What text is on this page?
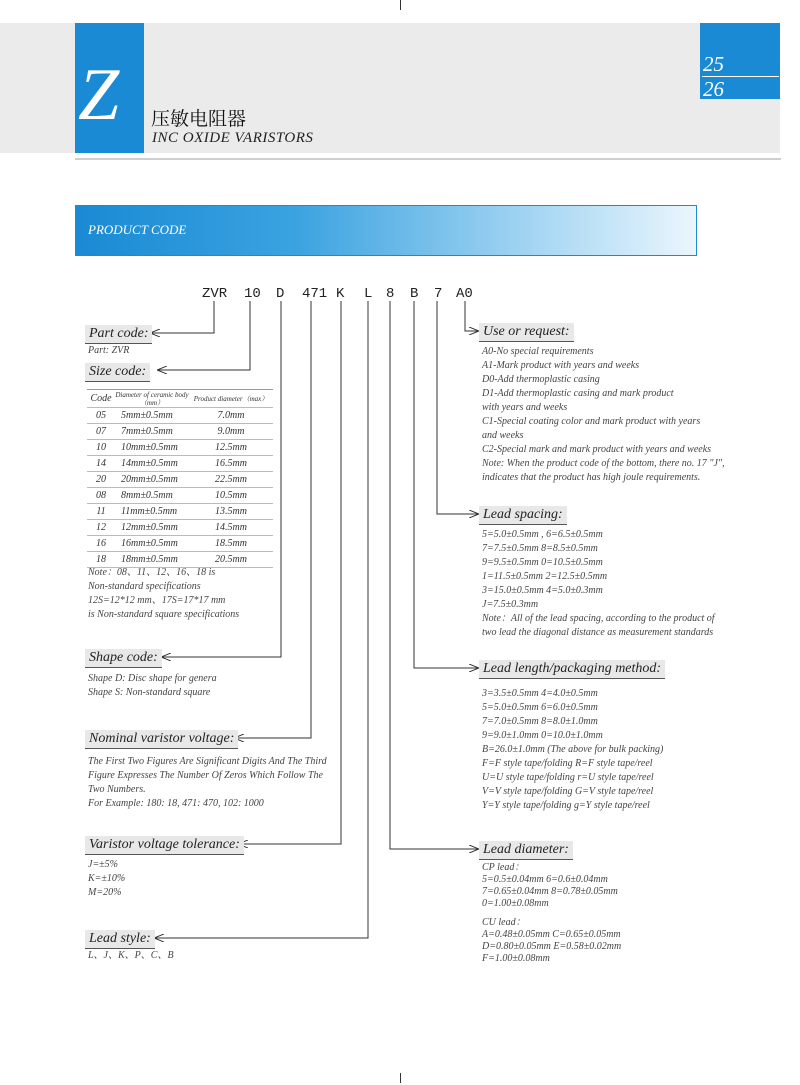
Z 压敏电阻器
INC OXIDE VARISTORS
25
26
PRODUCT CODE
ZVR 10 D 471 K L 8 B 7 A0
Part code:
Part: ZVR
Size code:
Code	Diameter of ceramic body（mm）	Product diameter（max）
05	5mm±0.5mm	7.0mm
07	7mm±0.5mm	9.0mm
10	10mm±0.5mm	12.5mm
14	14mm±0.5mm	16.5mm
20	20mm±0.5mm	22.5mm
08	8mm±0.5mm	10.5mm
11	11mm±0.5mm	13.5mm
12	12mm±0.5mm	14.5mm
16	16mm±0.5mm	18.5mm
18	18mm±0.5mm	20.5mm
Note：08、11、12、16、18 is
Non-standard specifications
12S=12*12 mm、17S=17*17 mm
is Non-standard square specifications
Shape code:
Shape D: Disc shape for genera
Shape S: Non-standard square
Nominal varistor voltage:
The First Two Figures Are Significant Digits And The Third
Figure Expresses The Number Of Zeros Which Follow The
Two Numbers.
For Example: 180: 18, 471: 470, 102: 1000
Varistor voltage tolerance:
J=±5%
K=±10%
M=20%
Lead style:
L、J、K、P、C、B
Use or request:
A0-No special requirements
A1-Mark product with years and weeks
D0-Add thermoplastic casing
D1-Add thermoplastic casing and mark product
with years and weeks
C1-Special coating color and mark product with years
and weeks
C2-Special mark and mark product with years and weeks
Note: When the product code of the bottom, there no. 17 "J",
indicates that the product has high joule requirements.
Lead spacing:
5=5.0±0.5mm , 6=6.5±0.5mm
7=7.5±0.5mm 8=8.5±0.5mm
9=9.5±0.5mm 0=10.5±0.5mm
1=11.5±0.5mm 2=12.5±0.5mm
3=15.0±0.5mm 4=5.0±0.3mm
J=7.5±0.3mm
Note：All of the lead spacing, according to the product of
two lead the diagonal distance as measurement standards
Lead length/packaging method:
3=3.5±0.5mm 4=4.0±0.5mm
5=5.0±0.5mm 6=6.0±0.5mm
7=7.0±0.5mm 8=8.0±1.0mm
9=9.0±1.0mm 0=10.0±1.0mm
B=26.0±1.0mm (The above for bulk packing)
F=F style tape/folding R=F style tape/reel
U=U style tape/folding r=U style tape/reel
V=V style tape/folding G=V style tape/reel
Y=Y style tape/folding g=Y style tape/reel
Lead diameter:
CP lead：
5=0.5±0.04mm 6=0.6±0.04mm
7=0.65±0.04mm 8=0.78±0.05mm
0=1.00±0.08mm
CU lead：
A=0.48±0.05mm C=0.65±0.05mm
D=0.80±0.05mm E=0.58±0.02mm
F=1.00±0.08mm
